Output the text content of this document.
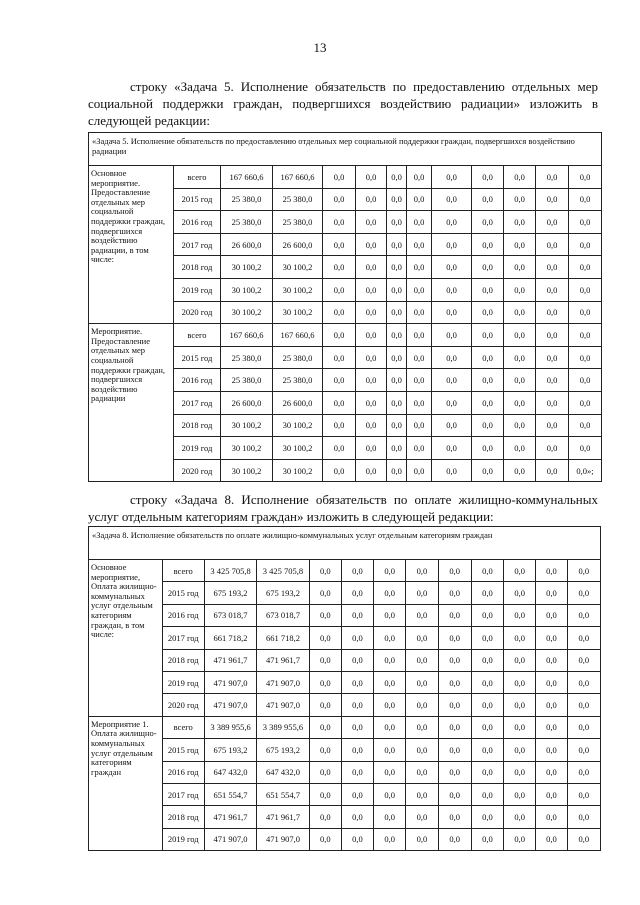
13

строку «Задача 5. Исполнение обязательств по предоставлению отдельных мер социальной поддержки граждан, подвергшихся воздействию радиации» изложить в следующей редакции:

«Задача 5. Исполнение обязательств по предоставлению отдельных мер социальной поддержки граждан, подвергшихся воздействию радиации												
Основное мероприятие. Предоставление отдельных мер социальной поддержки граждан, подвергшихся воздействию радиации, в том числе:	всего	167 660,6	167 660,6	0,0	0,0	0,0	0,0	0,0	0,0	0,0	0,0	0,0
	2015 год	25 380,0	25 380,0	0,0	0,0	0,0	0,0	0,0	0,0	0,0	0,0	0,0
	2016 год	25 380,0	25 380,0	0,0	0,0	0,0	0,0	0,0	0,0	0,0	0,0	0,0
	2017 год	26 600,0	26 600,0	0,0	0,0	0,0	0,0	0,0	0,0	0,0	0,0	0,0
	2018 год	30 100,2	30 100,2	0,0	0,0	0,0	0,0	0,0	0,0	0,0	0,0	0,0
	2019 год	30 100,2	30 100,2	0,0	0,0	0,0	0,0	0,0	0,0	0,0	0,0	0,0
	2020 год	30 100,2	30 100,2	0,0	0,0	0,0	0,0	0,0	0,0	0,0	0,0	0,0
Мероприятие. Предоставление отдельных мер социальной поддержки граждан, подвергшихся воздействию радиации	всего	167 660,6	167 660,6	0,0	0,0	0,0	0,0	0,0	0,0	0,0	0,0	0,0
	2015 год	25 380,0	25 380,0	0,0	0,0	0,0	0,0	0,0	0,0	0,0	0,0	0,0
	2016 год	25 380,0	25 380,0	0,0	0,0	0,0	0,0	0,0	0,0	0,0	0,0	0,0
	2017 год	26 600,0	26 600,0	0,0	0,0	0,0	0,0	0,0	0,0	0,0	0,0	0,0
	2018 год	30 100,2	30 100,2	0,0	0,0	0,0	0,0	0,0	0,0	0,0	0,0	0,0
	2019 год	30 100,2	30 100,2	0,0	0,0	0,0	0,0	0,0	0,0	0,0	0,0	0,0
	2020 год	30 100,2	30 100,2	0,0	0,0	0,0	0,0	0,0	0,0	0,0	0,0	0,0»;

строку «Задача 8. Исполнение обязательств по оплате жилищно-коммунальных услуг отдельным категориям граждан» изложить в следующей редакции:

«Задача 8. Исполнение обязательств по оплате жилищно-коммунальных услуг отдельным категориям граждан												
Основное мероприятие, Оплата жилищно-коммунальных услуг отдельным категориям граждан, в том числе:	всего	3 425 705,8	3 425 705,8	0,0	0,0	0,0	0,0	0,0	0,0	0,0	0,0	0,0
	2015 год	675 193,2	675 193,2	0,0	0,0	0,0	0,0	0,0	0,0	0,0	0,0	0,0
	2016 год	673 018,7	673 018,7	0,0	0,0	0,0	0,0	0,0	0,0	0,0	0,0	0,0
	2017 год	661 718,2	661 718,2	0,0	0,0	0,0	0,0	0,0	0,0	0,0	0,0	0,0
	2018 год	471 961,7	471 961,7	0,0	0,0	0,0	0,0	0,0	0,0	0,0	0,0	0,0
	2019 год	471 907,0	471 907,0	0,0	0,0	0,0	0,0	0,0	0,0	0,0	0,0	0,0
	2020 год	471 907,0	471 907,0	0,0	0,0	0,0	0,0	0,0	0,0	0,0	0,0	0,0
Мероприятие 1. Оплата жилищно-коммунальных услуг отдельным категориям граждан	всего	3 389 955,6	3 389 955,6	0,0	0,0	0,0	0,0	0,0	0,0	0,0	0,0	0,0
	2015 год	675 193,2	675 193,2	0,0	0,0	0,0	0,0	0,0	0,0	0,0	0,0	0,0
	2016 год	647 432,0	647 432,0	0,0	0,0	0,0	0,0	0,0	0,0	0,0	0,0	0,0
	2017 год	651 554,7	651 554,7	0,0	0,0	0,0	0,0	0,0	0,0	0,0	0,0	0,0
	2018 год	471 961,7	471 961,7	0,0	0,0	0,0	0,0	0,0	0,0	0,0	0,0	0,0
	2019 год	471 907,0	471 907,0	0,0	0,0	0,0	0,0	0,0	0,0	0,0	0,0	0,0
